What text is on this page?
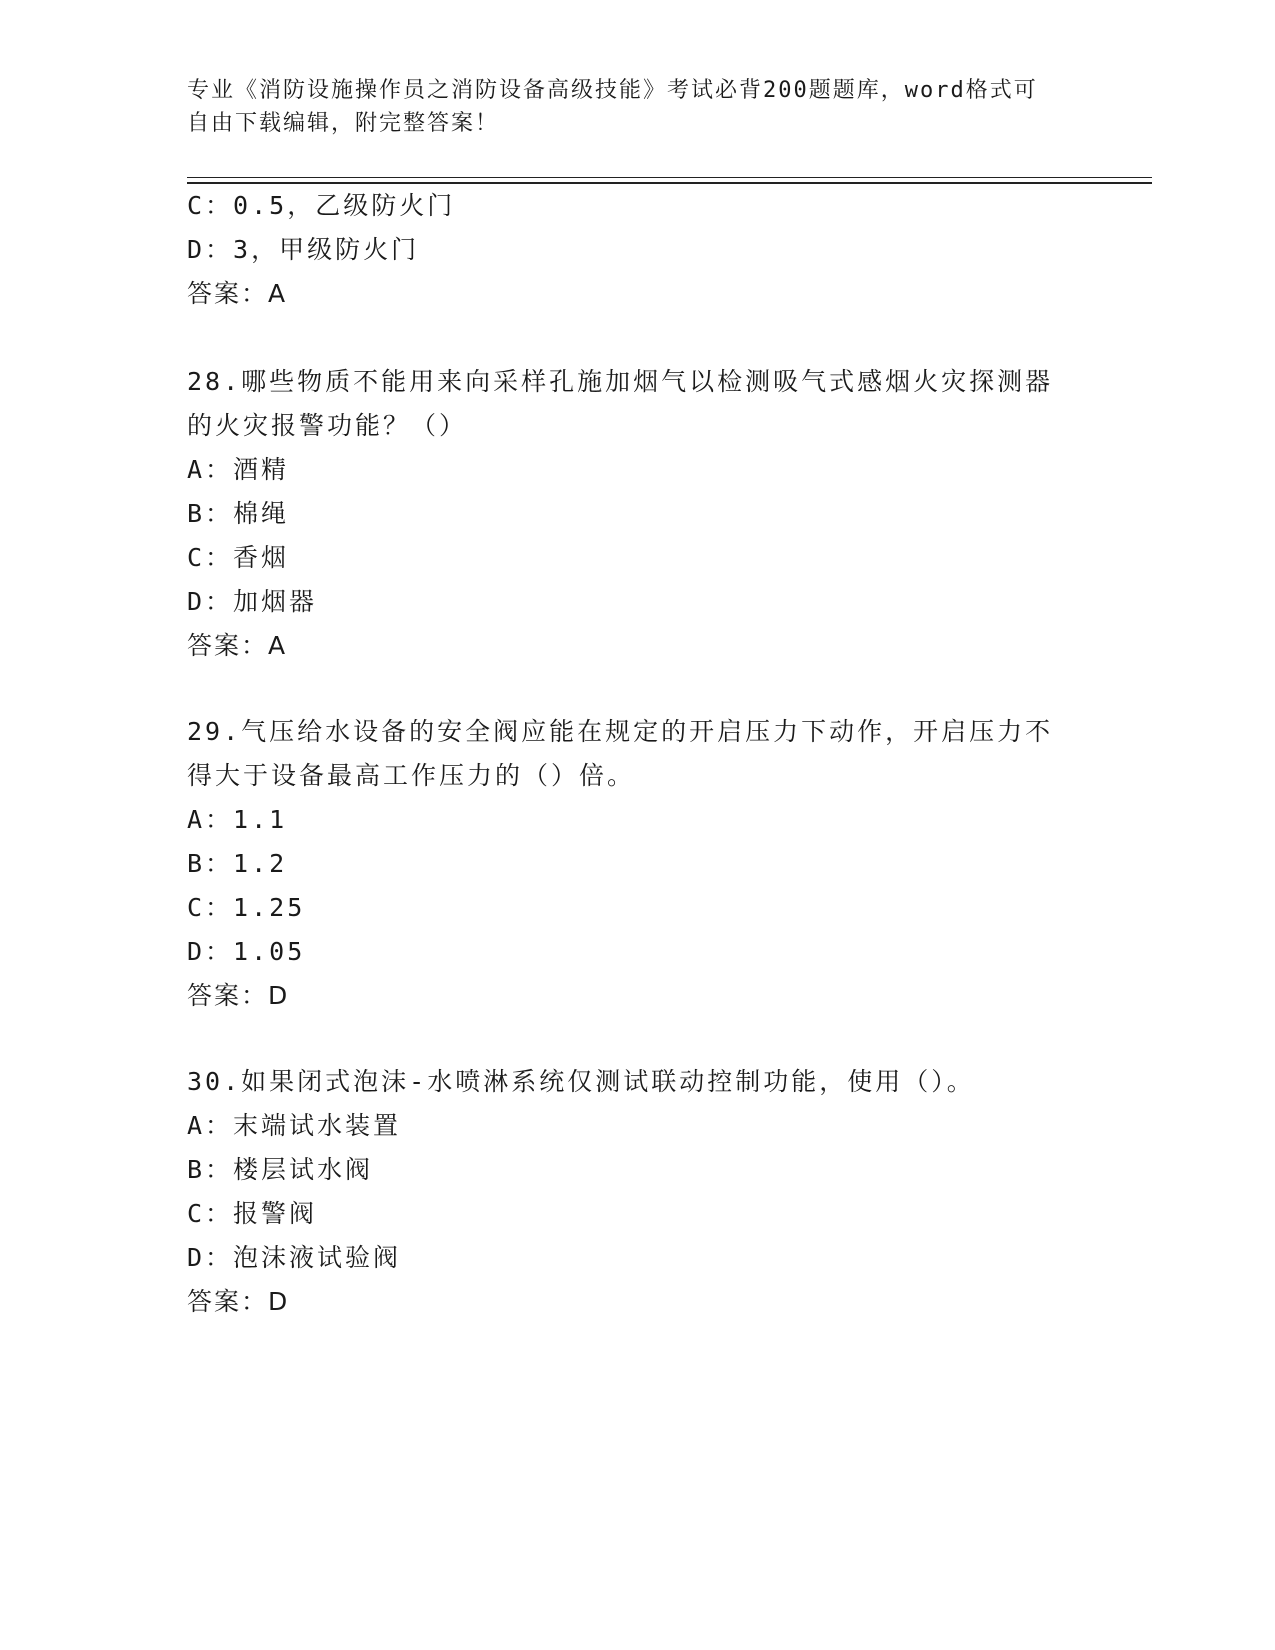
专业《消防设施操作员之消防设备高级技能》考试必背200题题库，word格式可
自由下载编辑，附完整答案！
C：0.5，乙级防火门
D：3，甲级防火门
答案：A
28.哪些物质不能用来向采样孔施加烟气以检测吸气式感烟火灾探测器
的火灾报警功能？（）
A：酒精
B：棉绳
C：香烟
D：加烟器
答案：A
29.气压给水设备的安全阀应能在规定的开启压力下动作，开启压力不
得大于设备最高工作压力的（）倍。
A：1.1
B：1.2
C：1.25
D：1.05
答案：D
30.如果闭式泡沫-水喷淋系统仅测试联动控制功能，使用（）。
A：末端试水装置
B：楼层试水阀
C：报警阀
D：泡沫液试验阀
答案：D
